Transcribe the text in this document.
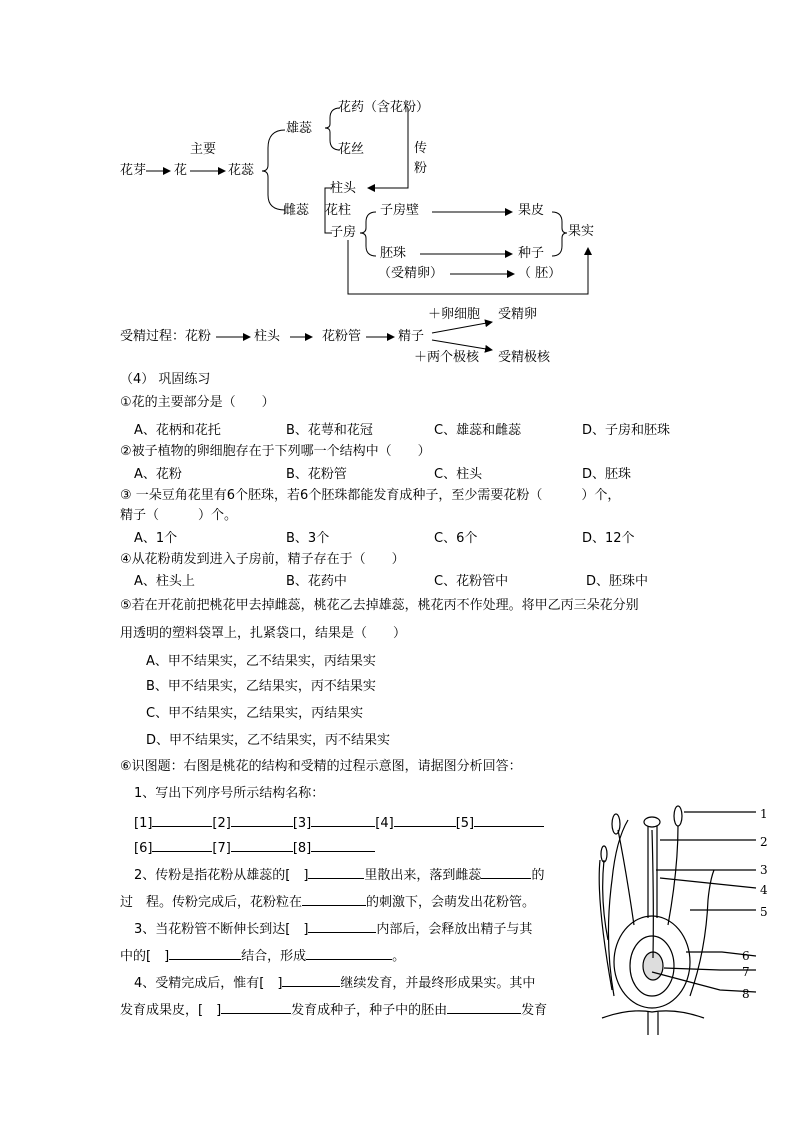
花芽 花
主要
花蕊
雄蕊
花药（含花粉）
花丝	传
粉
雌蕊
柱头
花柱
子房
子房壁	果皮
果实
胚珠	种子
（受精卵）	（ 胚）
受精过程：花粉	柱头	花粉管	精子
＋卵细胞 受精卵
＋两个极核 受精极核
（4） 巩固练习
①花的主要部分是（　　）
A、花柄和花托	B、花萼和花冠	C、雄蕊和雌蕊	D、子房和胚珠
②被子植物的卵细胞存在于下列哪一个结构中（　　）
A、花粉	B、花粉管	C、柱头	D、胚珠
③ 一朵豆角花里有6个胚珠，若6个胚珠都能发育成种子，至少需要花粉（　　　）个，
精子（　　　）个。
A、1个	B、3个	C、6个	D、12个
④从花粉萌发到进入子房前，精子存在于（　　）
A、柱头上	B、花药中	C、花粉管中	D、胚珠中
⑤若在开花前把桃花甲去掉雌蕊，桃花乙去掉雄蕊，桃花丙不作处理。将甲乙丙三朵花分别
用透明的塑料袋罩上，扎紧袋口，结果是（　　）
A、甲不结果实，乙不结果实，丙结果实
B、甲不结果实，乙结果实，丙不结果实
C、甲不结果实，乙结果实，丙结果实
D、甲不结果实，乙不结果实，丙不结果实
⑥识图题：右图是桃花的结构和受精的过程示意图，请据图分析回答：
1、写出下列序号所示结构名称：
[1]	[2]	[3]	[4]	[5]
[6]	[7]	[8]
2、传粉是指花粉从雄蕊的[　]	里散出来，落到雌蕊	的
过　程。传粉完成后，花粉粒在	的刺激下，会萌发出花粉管。
3、当花粉管不断伸长到达[　]	内部后，会释放出精子与其
中的[　]	结合，形成	。
4、受精完成后，惟有[　]	继续发育，并最终形成果实。其中
发育成果皮，[　]	发育成种子，种子中的胚由	发育
1
2
3
4
5
6
7
8
